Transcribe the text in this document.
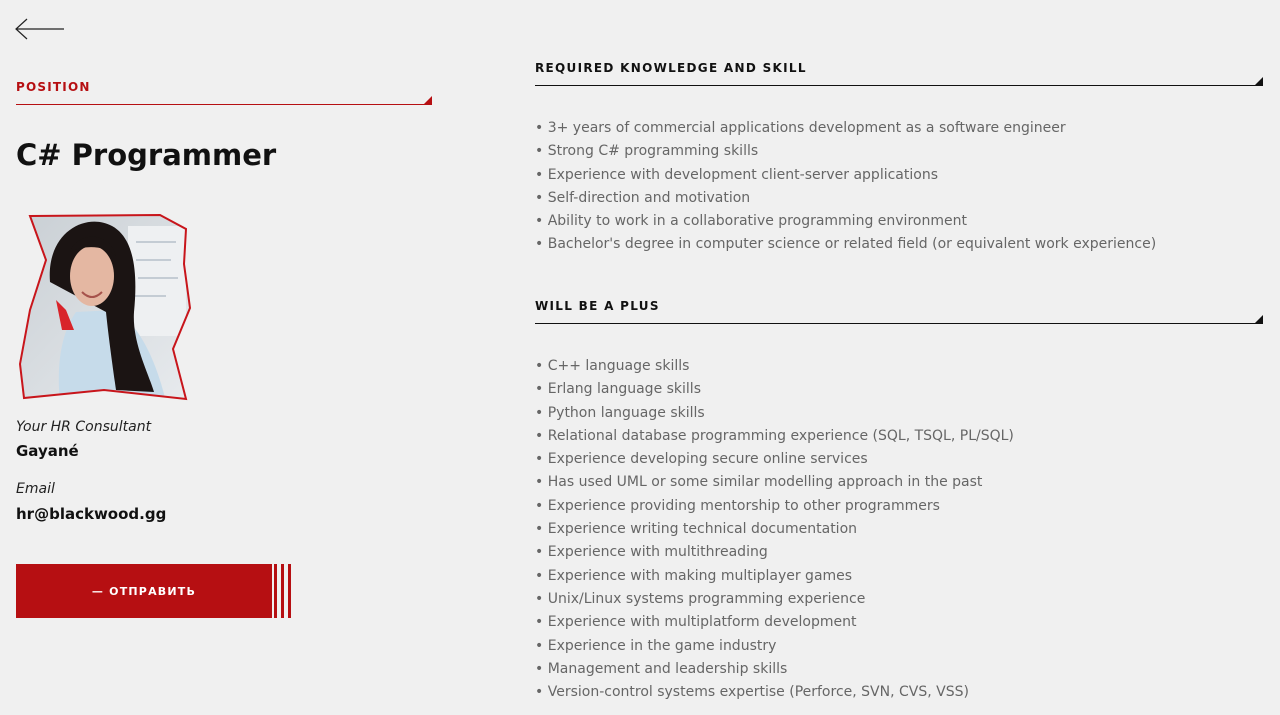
POSITION
C# Programmer
Your HR Consultant
Gayané
Email
hr@blackwood.gg
— ОТПРАВИТЬ
REQUIRED KNOWLEDGE AND SKILL
• 3+ years of commercial applications development as a software engineer
• Strong C# programming skills
• Experience with development client-server applications
• Self-direction and motivation
• Ability to work in a collaborative programming environment
• Bachelor's degree in computer science or related field (or equivalent work experience)
WILL BE A PLUS
• C++ language skills
• Erlang language skills
• Python language skills
• Relational database programming experience (SQL, TSQL, PL/SQL)
• Experience developing secure online services
• Has used UML or some similar modelling approach in the past
• Experience providing mentorship to other programmers
• Experience writing technical documentation
• Experience with multithreading
• Experience with making multiplayer games
• Unix/Linux systems programming experience
• Experience with multiplatform development
• Experience in the game industry
• Management and leadership skills
• Version-control systems expertise (Perforce, SVN, CVS, VSS)
